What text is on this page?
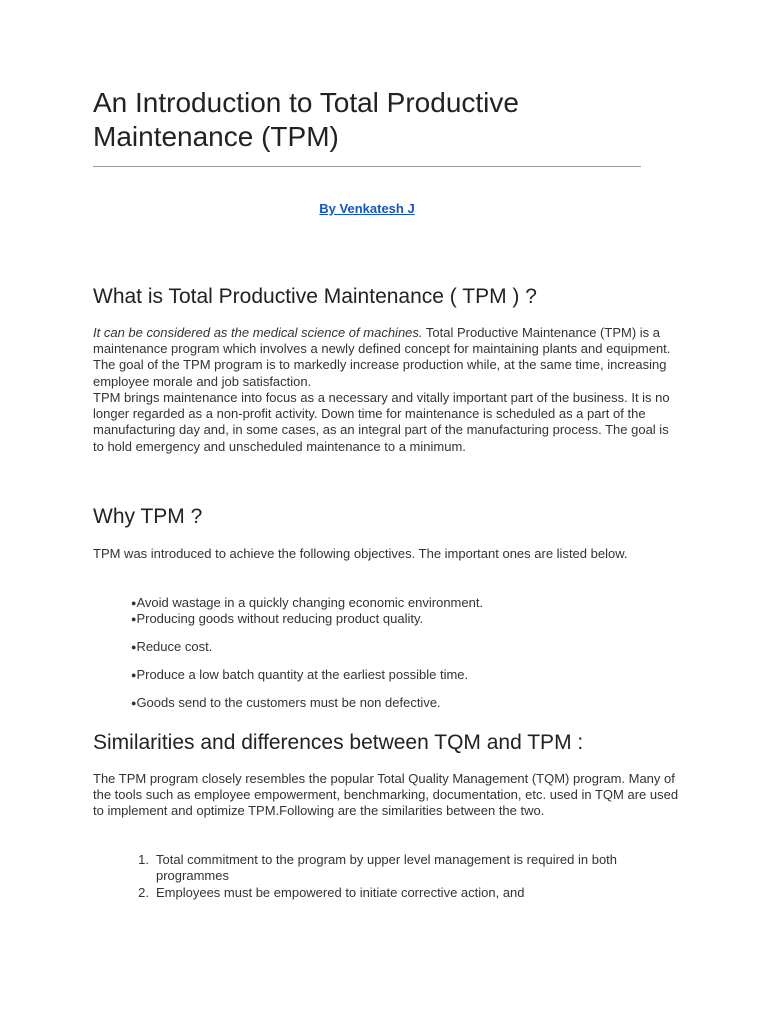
An Introduction to Total Productive Maintenance (TPM)
By Venkatesh J
What is Total Productive Maintenance ( TPM ) ?

It can be considered as the medical science of machines. Total Productive Maintenance (TPM) is a maintenance program which involves a newly defined concept for maintaining plants and equipment. The goal of the TPM program is to markedly increase production while, at the same time, increasing employee morale and job satisfaction.

TPM brings maintenance into focus as a necessary and vitally important part of the business. It is no longer regarded as a non-profit activity. Down time for maintenance is scheduled as a part of the manufacturing day and, in some cases, as an integral part of the manufacturing process. The goal is to hold emergency and unscheduled maintenance to a minimum.

Why TPM ?

TPM was introduced to achieve the following objectives. The important ones are listed below.

●Avoid wastage in a quickly changing economic environment.

●Producing goods without reducing product quality.

●Reduce cost.

●Produce a low batch quantity at the earliest possible time.

●Goods send to the customers must be non defective.

Similarities and differences between TQM and TPM :

The TPM program closely resembles the popular Total Quality Management (TQM) program. Many of the tools such as employee empowerment, benchmarking, documentation, etc. used in TQM are used to implement and optimize TPM.Following are the similarities between the two.

1. Total commitment to the program by upper level management is required in both programmes
2. Employees must be empowered to initiate corrective action, and
